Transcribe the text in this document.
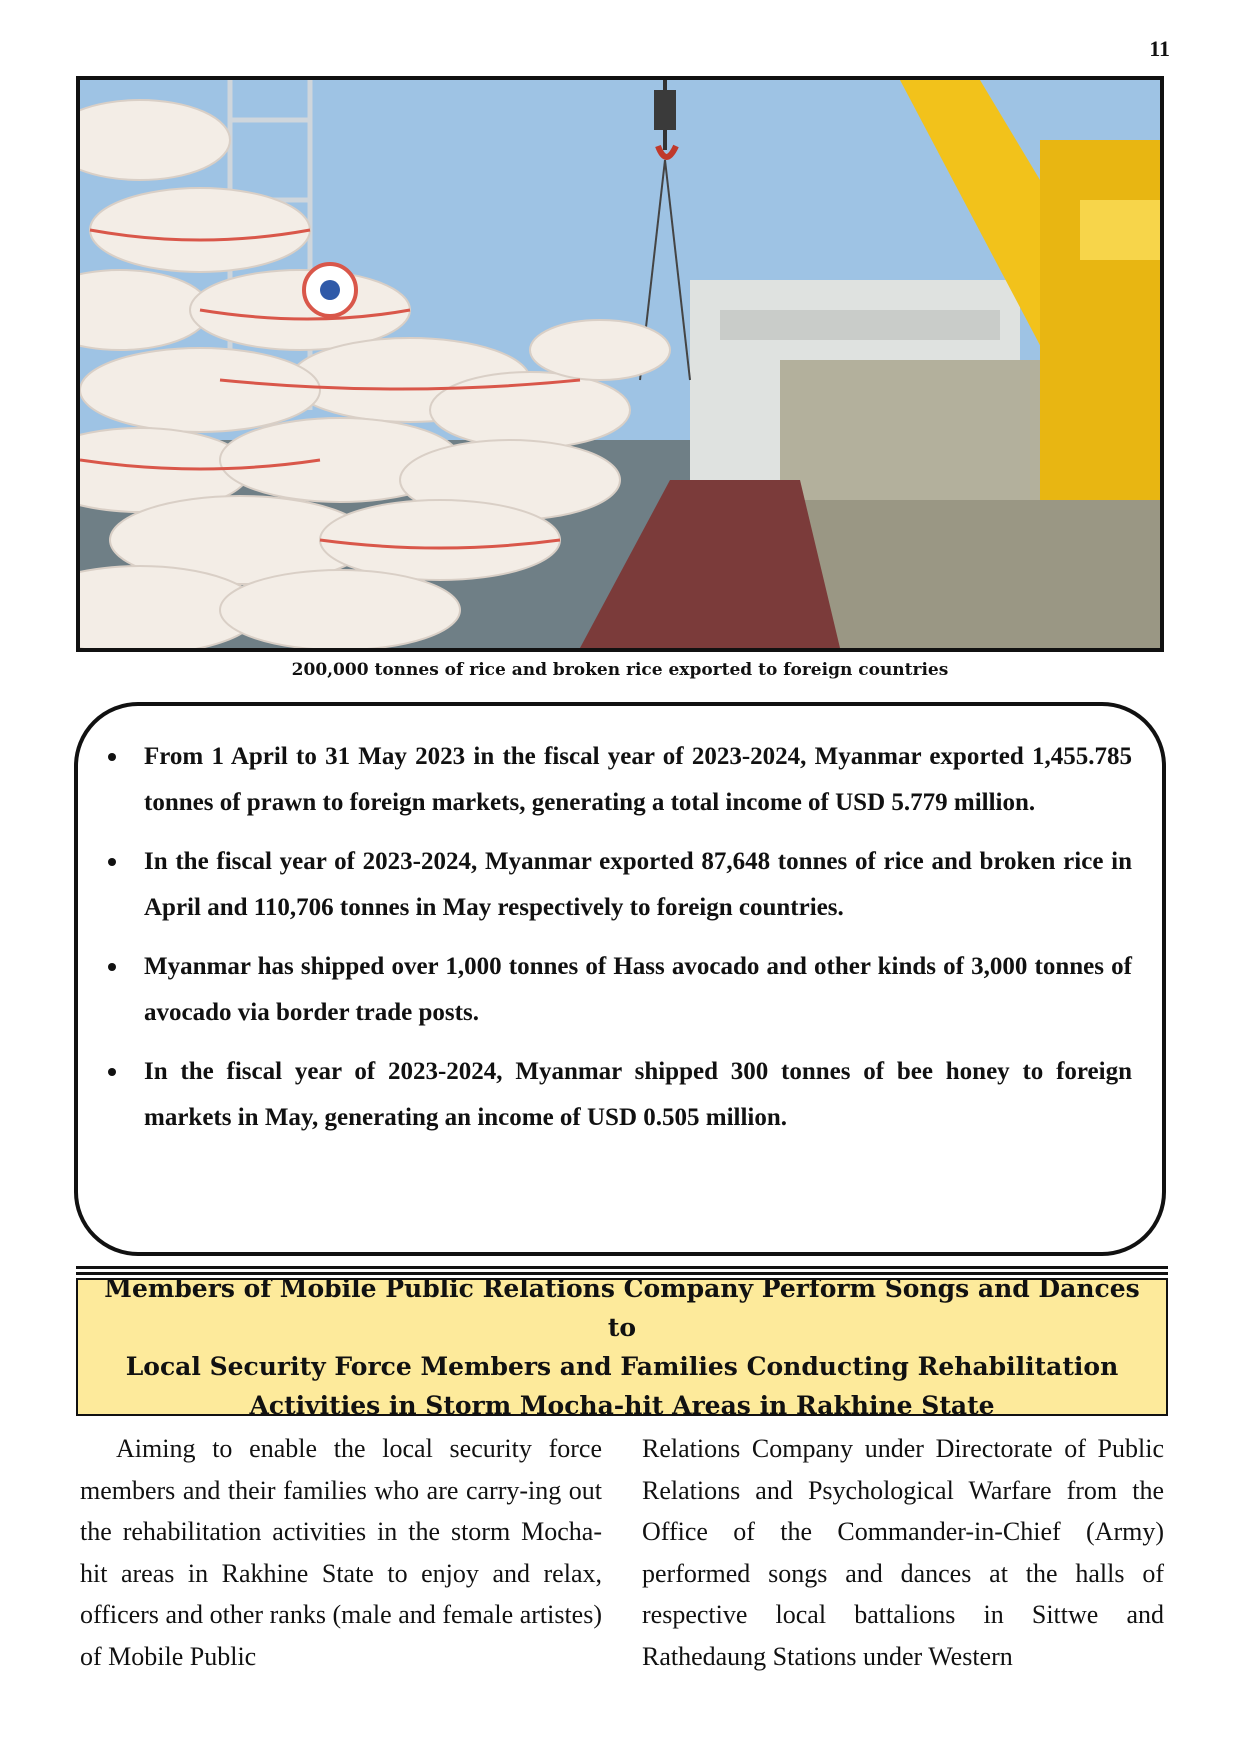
11
200,000 tonnes of rice and broken rice exported to foreign countries
From 1 April to 31 May 2023 in the fiscal year of 2023-2024, Myanmar exported 1,455.785 tonnes of prawn to foreign markets, generating a total income of USD 5.779 million.
In the fiscal year of 2023-2024, Myanmar exported 87,648 tonnes of rice and broken rice in April and 110,706 tonnes in May respectively to foreign countries.
Myanmar has shipped over 1,000 tonnes of Hass avocado and other kinds of 3,000 tonnes of avocado via border trade posts.
In the fiscal year of 2023-2024, Myanmar shipped 300 tonnes of bee honey to foreign markets in May, generating an income of USD 0.505 million.
Members of Mobile Public Relations Company Perform Songs and Dances to
Local Security Force Members and Families Conducting Rehabilitation
Activities in Storm Mocha-hit Areas in Rakhine State

Aiming to enable the local security force members and their families who are carry-ing out the rehabilitation activities in the storm Mocha-hit areas in Rakhine State to enjoy and relax, officers and other ranks (male and female artistes) of Mobile Public

Relations Company under Directorate of Public Relations and Psychological Warfare from the Office of the Commander-in-Chief (Army) performed songs and dances at the halls of respective local battalions in Sittwe and Rathedaung Stations under Western
